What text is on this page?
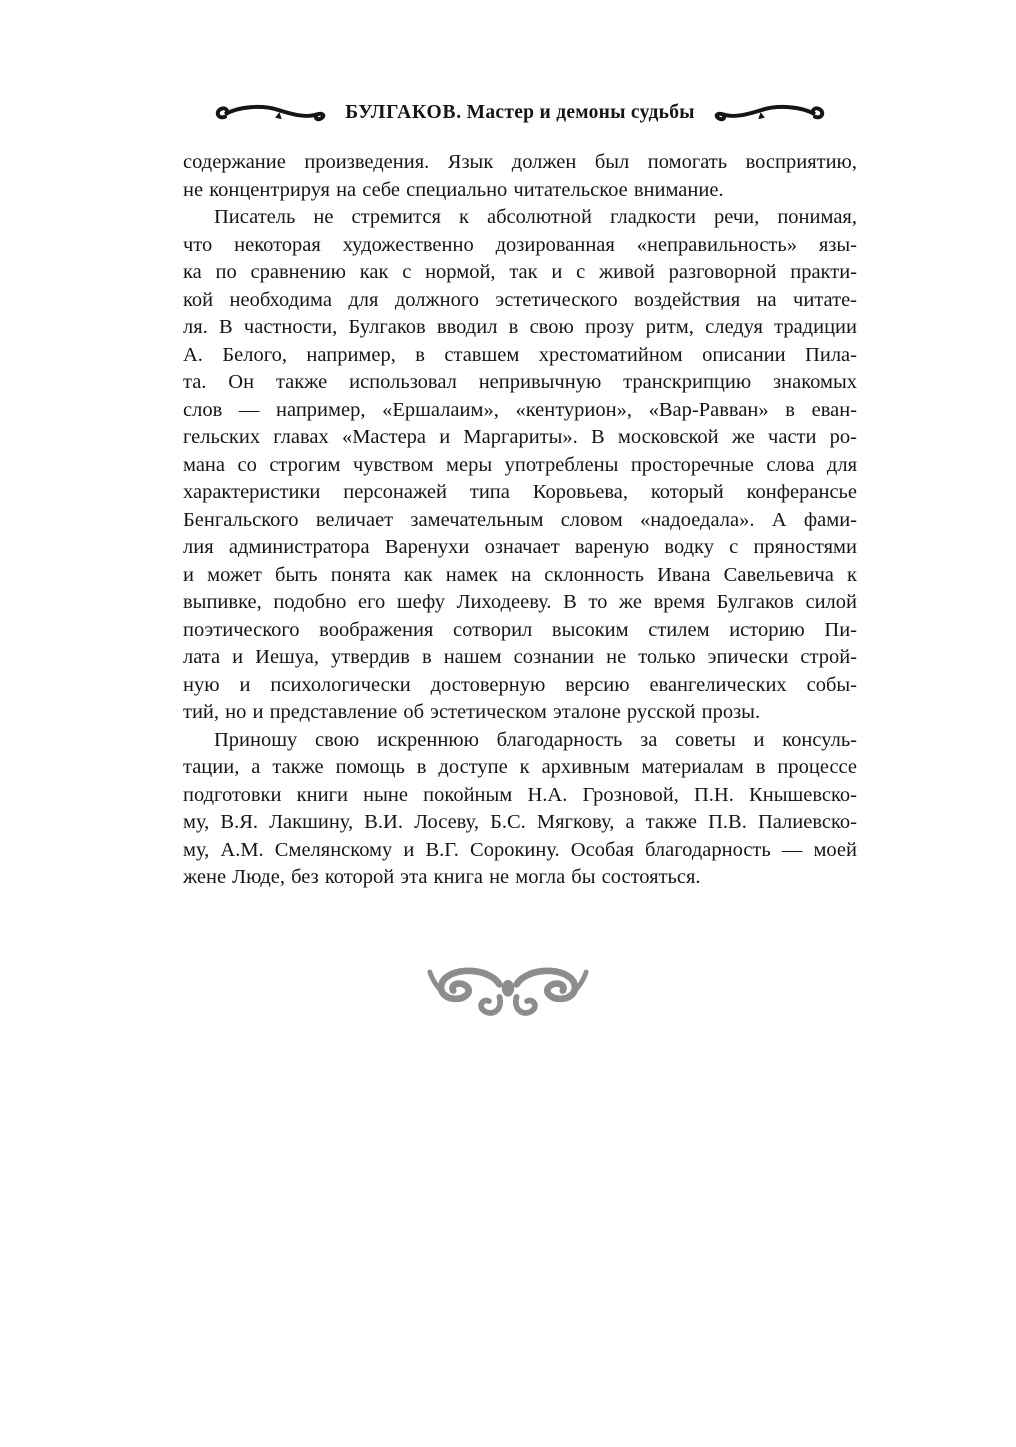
БУЛГАКОВ. Мастер и демоны судьбы
содержание произведения. Язык должен был помогать восприятию,
не концентрируя на себе специально читательское внимание.
Писатель не стремится к абсолютной гладкости речи, понимая,
что некоторая художественно дозированная «неправильность» язы-
ка по сравнению как с нормой, так и с живой разговорной практи-
кой необходима для должного эстетического воздействия на читате-
ля. В частности, Булгаков вводил в свою прозу ритм, следуя традиции
А. Белого, например, в ставшем хрестоматийном описании Пила-
та. Он также использовал непривычную транскрипцию знакомых
слов — например, «Ершалаим», «кентурион», «Вар-Равван» в еван-
гельских главах «Мастера и Маргариты». В московской же части ро-
мана со строгим чувством меры употреблены просторечные слова для
характеристики персонажей типа Коровьева, который конферансье
Бенгальского величает замечательным словом «надоедала». А фами-
лия администратора Варенухи означает вареную водку с пряностями
и может быть понята как намек на склонность Ивана Савельевича к
выпивке, подобно его шефу Лиходееву. В то же время Булгаков силой
поэтического воображения сотворил высоким стилем историю Пи-
лата и Иешуа, утвердив в нашем сознании не только эпически строй-
ную и психологически достоверную версию евангелических собы-
тий, но и представление об эстетическом эталоне русской прозы.
Приношу свою искреннюю благодарность за советы и консуль-
тации, а также помощь в доступе к архивным материалам в процессе
подготовки книги ныне покойным Н.А. Грозновой, П.Н. Кнышевско-
му, В.Я. Лакшину, В.И. Лосеву, Б.С. Мягкову, а также П.В. Палиевско-
му, А.М. Смелянскому и В.Г. Сорокину. Особая благодарность — моей
жене Люде, без которой эта книга не могла бы состояться.
